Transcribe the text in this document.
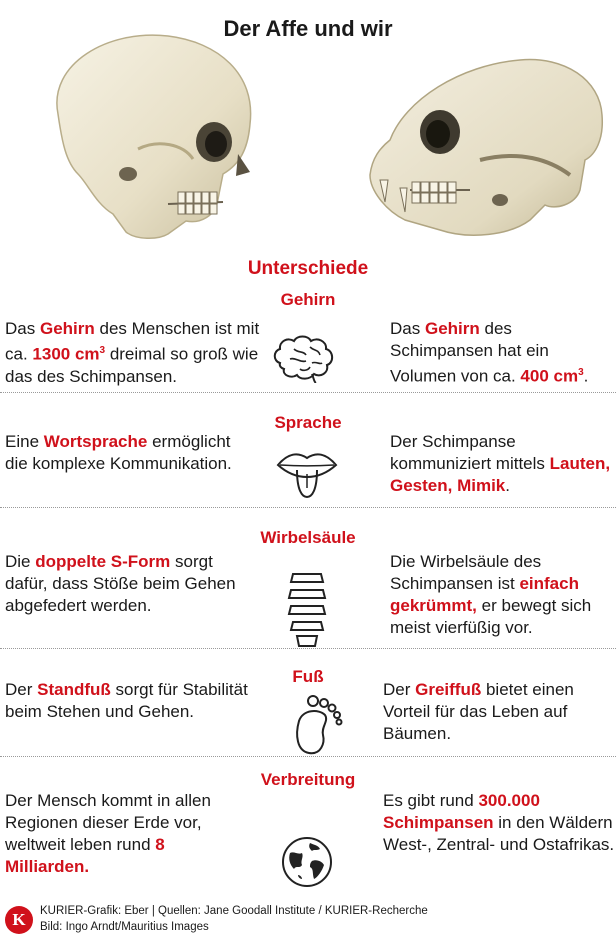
Der Affe und wir
Unterschiede
Gehirn
Das Gehirn des Menschen ist mit ca. 1300 $cm^3$ dreimal so groß wie das des Schimpansen.
Das Gehirn des Schimpansen hat ein Volumen von ca. 400 $cm^3$.
Sprache
Eine Wortsprache ermöglicht die komplexe Kommunikation.
Der Schimpanse kommuniziert mittels Lauten, Gesten, Mimik.
Wirbelsäule
Die doppelte S-Form sorgt dafür, dass Stöße beim Gehen abgefedert werden.
Die Wirbelsäule des Schimpansen ist einfach gekrümmt, er bewegt sich meist vierfüßig vor.
Fuß
Der Standfuß sorgt für Stabilität beim Stehen und Gehen.
Der Greiffuß bietet einen Vorteil für das Leben auf Bäumen.
Verbreitung
Der Mensch kommt in allen Regionen dieser Erde vor, weltweit leben rund 8 Milliarden.
Es gibt rund 300.000 Schimpansen in den Wäldern West-, Zentral- und Ostafrikas.
K	KURIER-Grafik: Eber | Quellen: Jane Goodall Institute / KURIER-Recherche
Bild: Ingo Arndt/Mauritius Images
